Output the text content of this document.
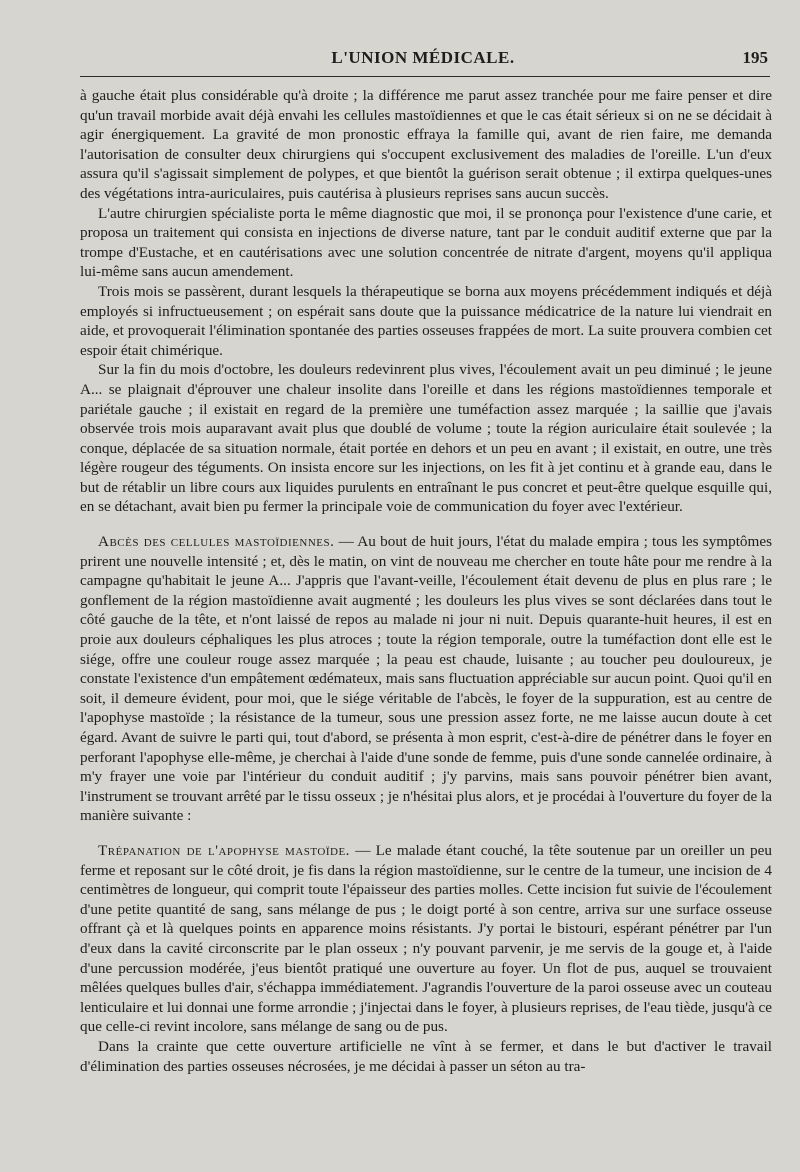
L'UNION MÉDICALE.	195

à gauche était plus considérable qu'à droite ; la différence me parut assez tranchée pour me faire penser et dire qu'un travail morbide avait déjà envahi les cellules mastoïdiennes et que le cas était sérieux si on ne se décidait à agir énergiquement. La gravité de mon pronostic effraya la famille qui, avant de rien faire, me demanda l'autorisation de consulter deux chirurgiens qui s'occupent exclusivement des maladies de l'oreille. L'un d'eux assura qu'il s'agissait simplement de polypes, et que bientôt la guérison serait obtenue ; il extirpa quelques-unes des végétations intra-auriculaires, puis cautérisa à plusieurs reprises sans aucun succès.

L'autre chirurgien spécialiste porta le même diagnostic que moi, il se prononça pour l'existence d'une carie, et proposa un traitement qui consista en injections de diverse nature, tant par le conduit auditif externe que par la trompe d'Eustache, et en cautérisations avec une solution concentrée de nitrate d'argent, moyens qu'il appliqua lui-même sans aucun amendement.

Trois mois se passèrent, durant lesquels la thérapeutique se borna aux moyens précédemment indiqués et déjà employés si infructueusement ; on espérait sans doute que la puissance médicatrice de la nature lui viendrait en aide, et provoquerait l'élimination spontanée des parties osseuses frappées de mort. La suite prouvera combien cet espoir était chimérique.

Sur la fin du mois d'octobre, les douleurs redevinrent plus vives, l'écoulement avait un peu diminué ; le jeune A... se plaignait d'éprouver une chaleur insolite dans l'oreille et dans les régions mastoïdiennes temporale et pariétale gauche ; il existait en regard de la première une tuméfaction assez marquée ; la saillie que j'avais observée trois mois auparavant avait plus que doublé de volume ; toute la région auriculaire était soulevée ; la conque, déplacée de sa situation normale, était portée en dehors et un peu en avant ; il existait, en outre, une très légère rougeur des téguments. On insista encore sur les injections, on les fit à jet continu et à grande eau, dans le but de rétablir un libre cours aux liquides purulents en entraînant le pus concret et peut-être quelque esquille qui, en se détachant, avait bien pu fermer la principale voie de communication du foyer avec l'extérieur.

Abcès des cellules mastoïdiennes. — Au bout de huit jours, l'état du malade empira ; tous les symptômes prirent une nouvelle intensité ; et, dès le matin, on vint de nouveau me chercher en toute hâte pour me rendre à la campagne qu'habitait le jeune A... J'appris que l'avant-veille, l'écoulement était devenu de plus en plus rare ; le gonflement de la région mastoïdienne avait augmenté ; les douleurs les plus vives se sont déclarées dans tout le côté gauche de la tête, et n'ont laissé de repos au malade ni jour ni nuit. Depuis quarante-huit heures, il est en proie aux douleurs céphaliques les plus atroces ; toute la région temporale, outre la tuméfaction dont elle est le siége, offre une couleur rouge assez marquée ; la peau est chaude, luisante ; au toucher peu douloureux, je constate l'existence d'un empâtement œdémateux, mais sans fluctuation appréciable sur aucun point. Quoi qu'il en soit, il demeure évident, pour moi, que le siége véritable de l'abcès, le foyer de la suppuration, est au centre de l'apophyse mastoïde ; la résistance de la tumeur, sous une pression assez forte, ne me laisse aucun doute à cet égard. Avant de suivre le parti qui, tout d'abord, se présenta à mon esprit, c'est-à-dire de pénétrer dans le foyer en perforant l'apophyse elle-même, je cherchai à l'aide d'une sonde de femme, puis d'une sonde cannelée ordinaire, à m'y frayer une voie par l'intérieur du conduit auditif ; j'y parvins, mais sans pouvoir pénétrer bien avant, l'instrument se trouvant arrêté par le tissu osseux ; je n'hésitai plus alors, et je procédai à l'ouverture du foyer de la manière suivante :

Trépanation de l'apophyse mastoïde. — Le malade étant couché, la tête soutenue par un oreiller un peu ferme et reposant sur le côté droit, je fis dans la région mastoïdienne, sur le centre de la tumeur, une incision de 4 centimètres de longueur, qui comprit toute l'épaisseur des parties molles. Cette incision fut suivie de l'écoulement d'une petite quantité de sang, sans mélange de pus ; le doigt porté à son centre, arriva sur une surface osseuse offrant çà et là quelques points en apparence moins résistants. J'y portai le bistouri, espérant pénétrer par l'un d'eux dans la cavité circonscrite par le plan osseux ; n'y pouvant parvenir, je me servis de la gouge et, à l'aide d'une percussion modérée, j'eus bientôt pratiqué une ouverture au foyer. Un flot de pus, auquel se trouvaient mêlées quelques bulles d'air, s'échappa immédiatement. J'agrandis l'ouverture de la paroi osseuse avec un couteau lenticulaire et lui donnai une forme arrondie ; j'injectai dans le foyer, à plusieurs reprises, de l'eau tiède, jusqu'à ce que celle-ci revint incolore, sans mélange de sang ou de pus.

Dans la crainte que cette ouverture artificielle ne vînt à se fermer, et dans le but d'activer le travail d'élimination des parties osseuses nécrosées, je me décidai à passer un séton au tra-
